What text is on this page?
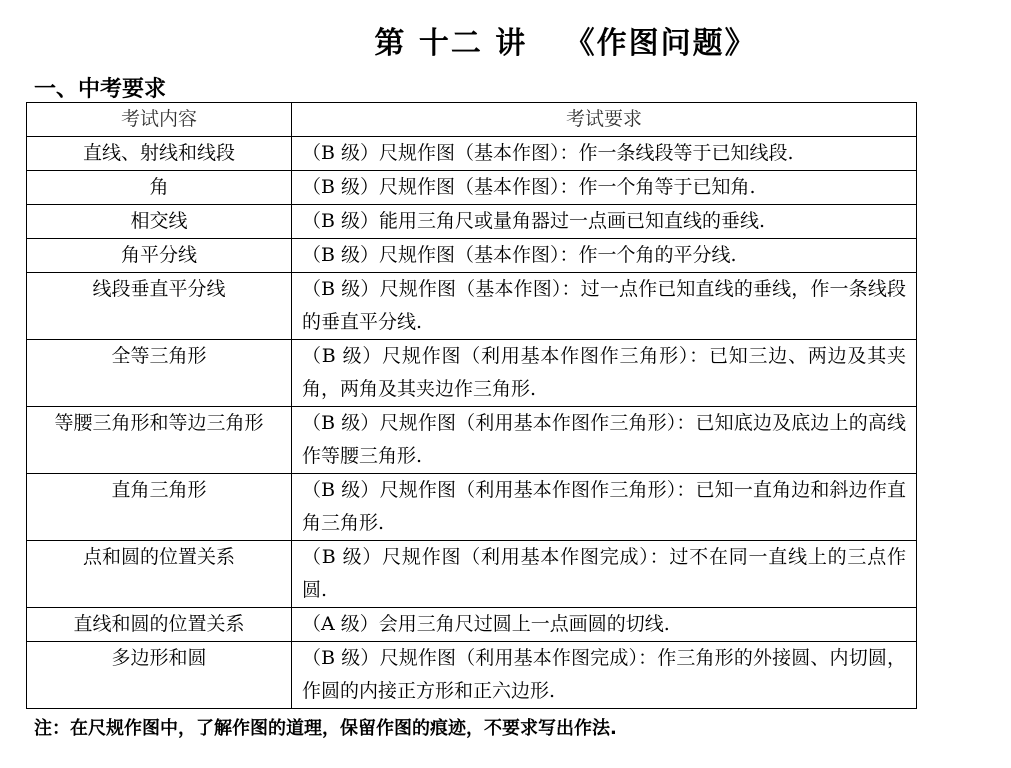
第 十二 讲   《作图问题》
一、中考要求
考试内容	考试要求
直线、射线和线段	（B 级）尺规作图（基本作图）：作一条线段等于已知线段.
角	（B 级）尺规作图（基本作图）：作一个角等于已知角.
相交线	（B 级）能用三角尺或量角器过一点画已知直线的垂线.
角平分线	（B 级）尺规作图（基本作图）：作一个角的平分线.
线段垂直平分线	（B 级）尺规作图（基本作图）：过一点作已知直线的垂线，作一条线段的垂直平分线.
全等三角形	（B 级）尺规作图（利用基本作图作三角形）：已知三边、两边及其夹角，两角及其夹边作三角形.
等腰三角形和等边三角形	（B 级）尺规作图（利用基本作图作三角形）：已知底边及底边上的高线作等腰三角形.
直角三角形	（B 级）尺规作图（利用基本作图作三角形）：已知一直角边和斜边作直角三角形.
点和圆的位置关系	（B 级）尺规作图（利用基本作图完成）：过不在同一直线上的三点作圆.
直线和圆的位置关系	（A 级）会用三角尺过圆上一点画圆的切线.
多边形和圆	（B 级）尺规作图（利用基本作图完成）：作三角形的外接圆、内切圆，作圆的内接正方形和正六边形.
注：在尺规作图中，了解作图的道理，保留作图的痕迹，不要求写出作法.
